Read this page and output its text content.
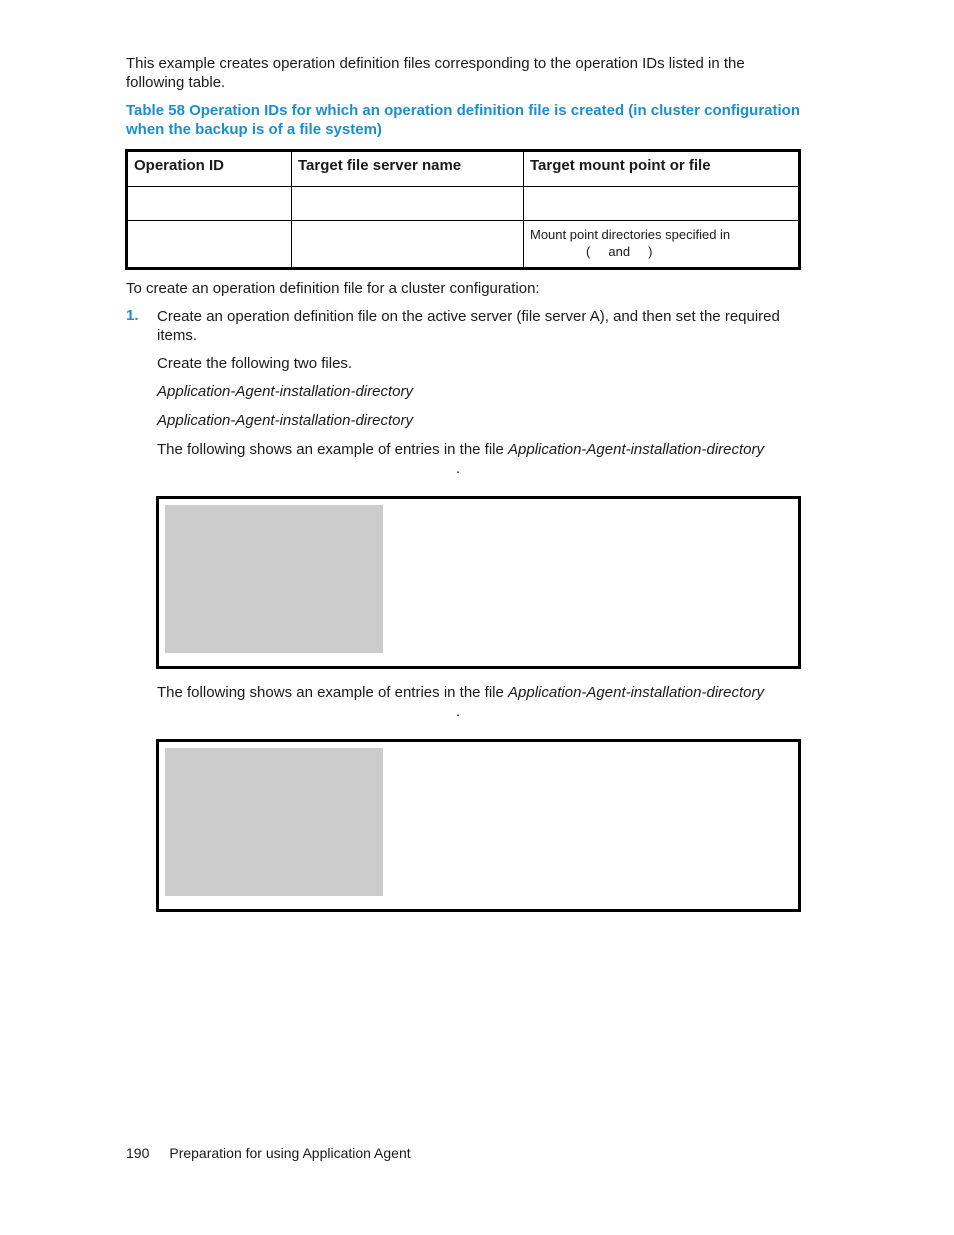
This example creates operation definition files corresponding to the operation IDs listed in the following table.
Table 58 Operation IDs for which an operation definition file is created (in cluster configuration when the backup is of a file system)
Operation ID	Target file server name	Target mount point or file
Mount point directories specified in
(     and     )
To create an operation definition file for a cluster configuration:
1. Create an operation definition file on the active server (file server A), and then set the required items.
Create the following two files.
Application-Agent-installation-directory
Application-Agent-installation-directory
The following shows an example of entries in the file Application-Agent-installation-directory
.
The following shows an example of entries in the file Application-Agent-installation-directory
.
190 Preparation for using Application Agent
